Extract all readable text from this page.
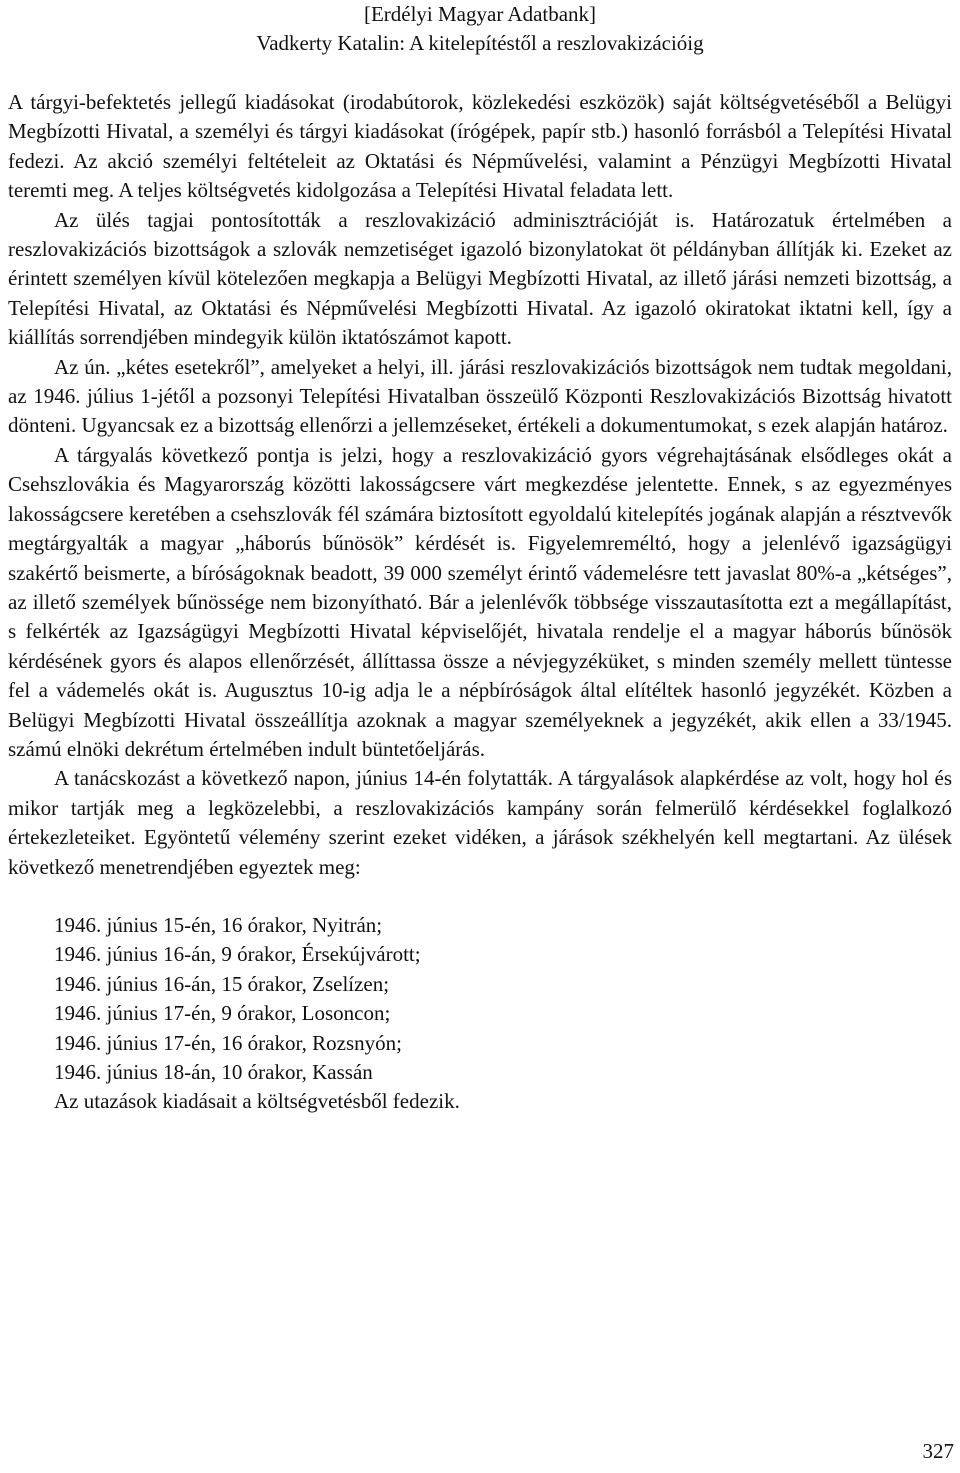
[Erdélyi Magyar Adatbank]
Vadkerty Katalin: A kitelepítéstől a reszlovakizációig

A tárgyi-befektetés jellegű kiadásokat (irodabútorok, közlekedési eszközök) saját költségvetéséből a Belügyi Megbízotti Hivatal, a személyi és tárgyi kiadásokat (írógépek, papír stb.) hasonló forrásból a Telepítési Hivatal fedezi. Az akció személyi feltételeit az Oktatási és Népművelési, valamint a Pénzügyi Megbízotti Hivatal teremti meg. A teljes költségvetés kidolgozása a Telepítési Hivatal feladata lett.

Az ülés tagjai pontosították a reszlovakizáció adminisztrációját is. Határozatuk értelmében a reszlovakizációs bizottságok a szlovák nemzetiséget igazoló bizonylatokat öt példányban állítják ki. Ezeket az érintett személyen kívül kötelezően megkapja a Belügyi Megbízotti Hivatal, az illető járási nemzeti bizottság, a Telepítési Hivatal, az Oktatási és Népművelési Megbízotti Hivatal. Az igazoló okiratokat iktatni kell, így a kiállítás sorrendjében mindegyik külön iktatószámot kapott.

Az ún. „kétes esetekről”, amelyeket a helyi, ill. járási reszlovakizációs bizottságok nem tudtak megoldani, az 1946. július 1-jétől a pozsonyi Telepítési Hivatalban összeülő Központi Reszlovakizációs Bizottság hivatott dönteni. Ugyancsak ez a bizottság ellenőrzi a jellemzéseket, értékeli a dokumentumokat, s ezek alapján határoz.

A tárgyalás következő pontja is jelzi, hogy a reszlovakizáció gyors végrehajtásának elsődleges okát a Csehszlovákia és Magyarország közötti lakosságcsere várt megkezdése jelentette. Ennek, s az egyezményes lakosságcsere keretében a csehszlovák fél számára biztosított egyoldalú kitelepítés jogának alapján a résztvevők megtárgyalták a magyar „háborús bűnösök” kérdését is. Figyelemreméltó, hogy a jelenlévő igazságügyi szakértő beismerte, a bíróságoknak beadott, 39 000 személyt érintő vádemelésre tett javaslat 80%-a „kétséges”, az illető személyek bűnössége nem bizonyítható. Bár a jelenlévők többsége visszautasította ezt a megállapítást, s felkérték az Igazságügyi Megbízotti Hivatal képviselőjét, hivatala rendelje el a magyar háborús bűnösök kérdésének gyors és alapos ellenőrzését, állíttassa össze a névjegyzéküket, s minden személy mellett tüntesse fel a vádemelés okát is. Augusztus 10-ig adja le a népbíróságok által elítéltek hasonló jegyzékét. Közben a Belügyi Megbízotti Hivatal összeállítja azoknak a magyar személyeknek a jegyzékét, akik ellen a 33/1945. számú elnöki dekrétum értelmében indult büntetőeljárás.

A tanácskozást a következő napon, június 14-én folytatták. A tárgyalások alapkérdése az volt, hogy hol és mikor tartják meg a legközelebbi, a reszlovakizációs kampány során felmerülő kérdésekkel foglalkozó értekezleteiket. Egyöntetű vélemény szerint ezeket vidéken, a járások székhelyén kell megtartani. Az ülések következő menetrendjében egyeztek meg:

1946. június 15-én, 16 órakor, Nyitrán;
1946. június 16-án, 9 órakor, Érsekújvárott;
1946. június 16-án, 15 órakor, Zselízen;
1946. június 17-én, 9 órakor, Losoncon;
1946. június 17-én, 16 órakor, Rozsnyón;
1946. június 18-án, 10 órakor, Kassán

Az utazások kiadásait a költségvetésből fedezik.

327
